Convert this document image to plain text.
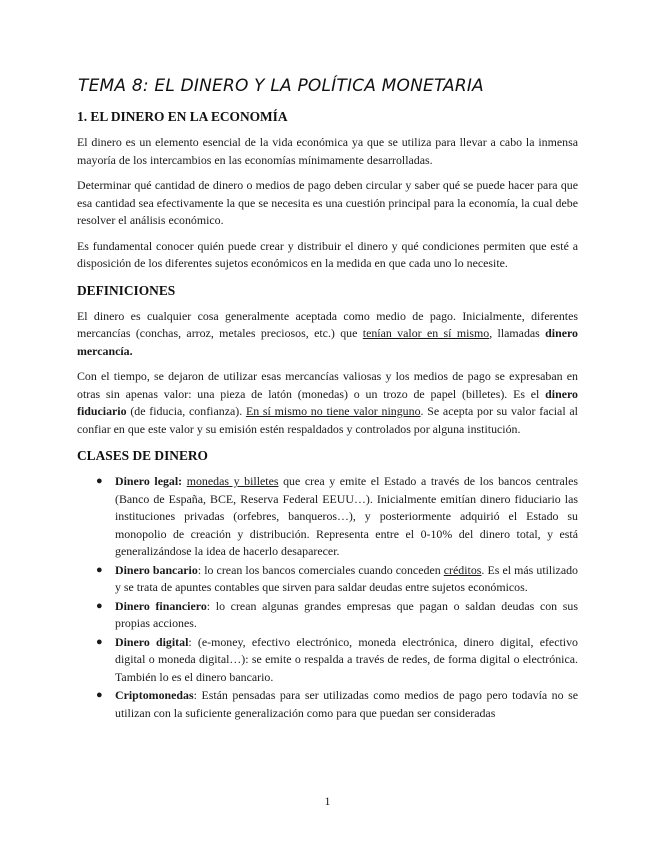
TEMA 8: EL DINERO Y LA POLÍTICA MONETARIA
1. EL DINERO EN LA ECONOMÍA

El dinero es un elemento esencial de la vida económica ya que se utiliza para llevar a cabo la inmensa mayoría de los intercambios en las economías mínimamente desarrolladas.

Determinar qué cantidad de dinero o medios de pago deben circular y saber qué se puede hacer para que esa cantidad sea efectivamente la que se necesita es una cuestión principal para la economía, la cual debe resolver el análisis económico.

Es fundamental conocer quién puede crear y distribuir el dinero y qué condiciones permiten que esté a disposición de los diferentes sujetos económicos en la medida en que cada uno lo necesite.

DEFINICIONES

El dinero es cualquier cosa generalmente aceptada como medio de pago. Inicialmente, diferentes mercancías (conchas, arroz, metales preciosos, etc.) que tenían valor en sí mismo, llamadas dinero mercancía.

Con el tiempo, se dejaron de utilizar esas mercancías valiosas y los medios de pago se expresaban en otras sin apenas valor: una pieza de latón (monedas) o un trozo de papel (billetes). Es el dinero fiduciario (de fiducia, confianza). En sí mismo no tiene valor ninguno. Se acepta por su valor facial al confiar en que este valor y su emisión estén respaldados y controlados por alguna institución.

CLASES DE DINERO
● Dinero legal: monedas y billetes que crea y emite el Estado a través de los bancos centrales (Banco de España, BCE, Reserva Federal EEUU…). Inicialmente emitían dinero fiduciario las instituciones privadas (orfebres, banqueros…), y posteriormente adquirió el Estado su monopolio de creación y distribución. Representa entre el 0-10% del dinero total, y está generalizándose la idea de hacerlo desaparecer.
● Dinero bancario: lo crean los bancos comerciales cuando conceden créditos. Es el más utilizado y se trata de apuntes contables que sirven para saldar deudas entre sujetos económicos.
● Dinero financiero: lo crean algunas grandes empresas que pagan o saldan deudas con sus propias acciones.
● Dinero digital: (e-money, efectivo electrónico, moneda electrónica, dinero digital, efectivo digital o moneda digital…): se emite o respalda a través de redes, de forma digital o electrónica. También lo es el dinero bancario.
● Criptomonedas: Están pensadas para ser utilizadas como medios de pago pero todavía no se utilizan con la suficiente generalización como para que puedan ser consideradas
1
